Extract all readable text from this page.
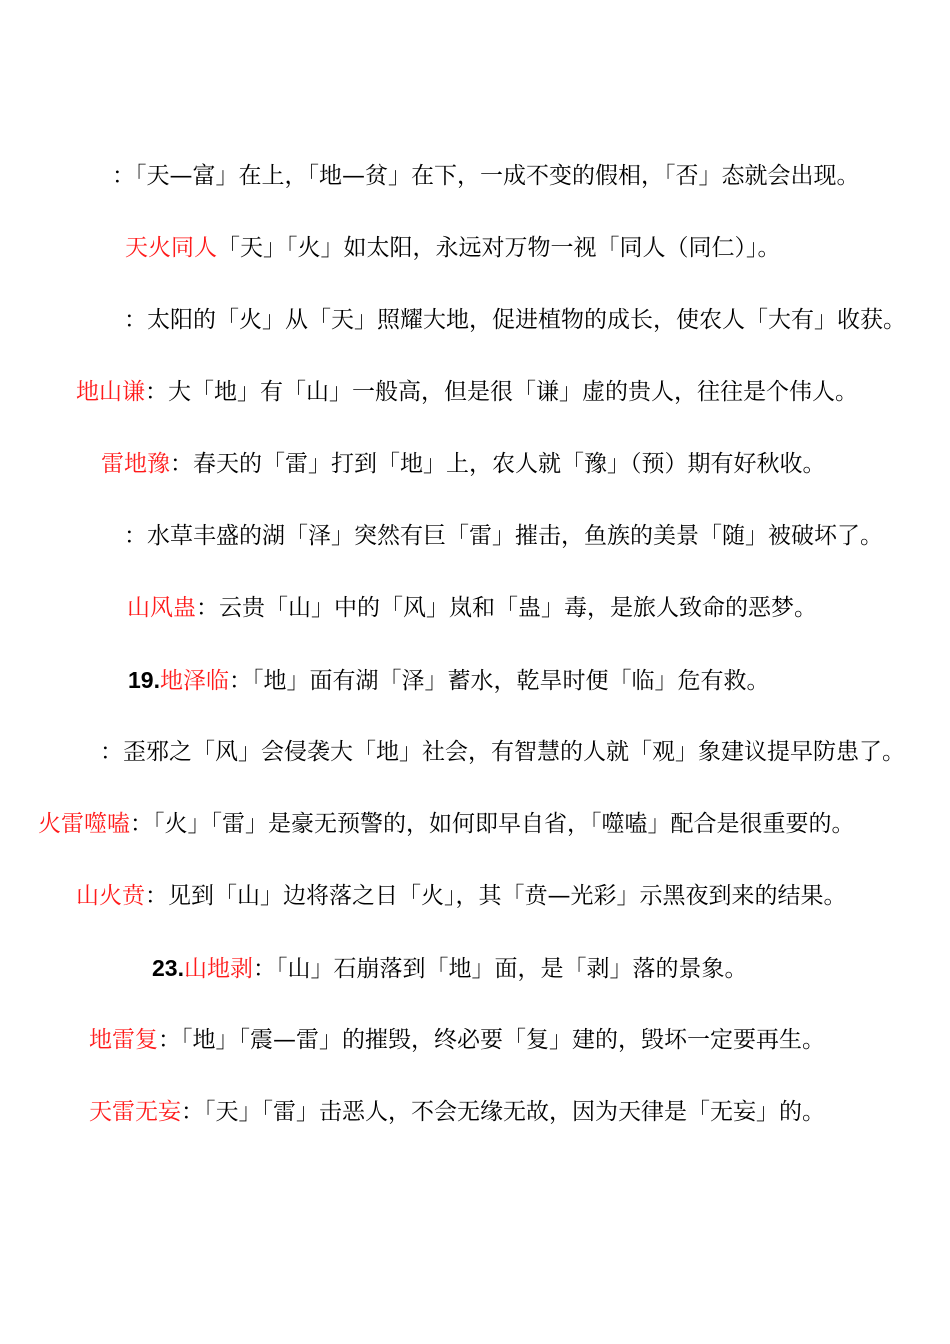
：「天—富」在上，「地—贫」在下，一成不变的假相，「否」态就会出现。
天火同人「天」「火」如太阳，永远对万物一视「同人（同仁）」。
：太阳的「火」从「天」照耀大地，促进植物的成长，使农人「大有」收获。
地山谦：大「地」有「山」一般高，但是很「谦」虚的贵人，往往是个伟人。
雷地豫：春天的「雷」打到「地」上，农人就「豫」（预）期有好秋收。
：水草丰盛的湖「泽」突然有巨「雷」摧击，鱼族的美景「随」被破坏了。
山风蛊：云贵「山」中的「风」岚和「蛊」毒，是旅人致命的恶梦。
19.地泽临：「地」面有湖「泽」蓄水，乾旱时便「临」危有救。
：歪邪之「风」会侵袭大「地」社会，有智慧的人就「观」象建议提早防患了。
火雷噬嗑：「火」「雷」是豪无预警的，如何即早自省，「噬嗑」配合是很重要的。
山火贲：见到「山」边将落之日「火」，其「贲—光彩」示黑夜到来的结果。
23.山地剥：「山」石崩落到「地」面，是「剥」落的景象。
地雷复：「地」「震—雷」的摧毁，终必要「复」建的，毁坏一定要再生。
天雷无妄：「天」「雷」击恶人，不会无缘无故，因为天律是「无妄」的。
